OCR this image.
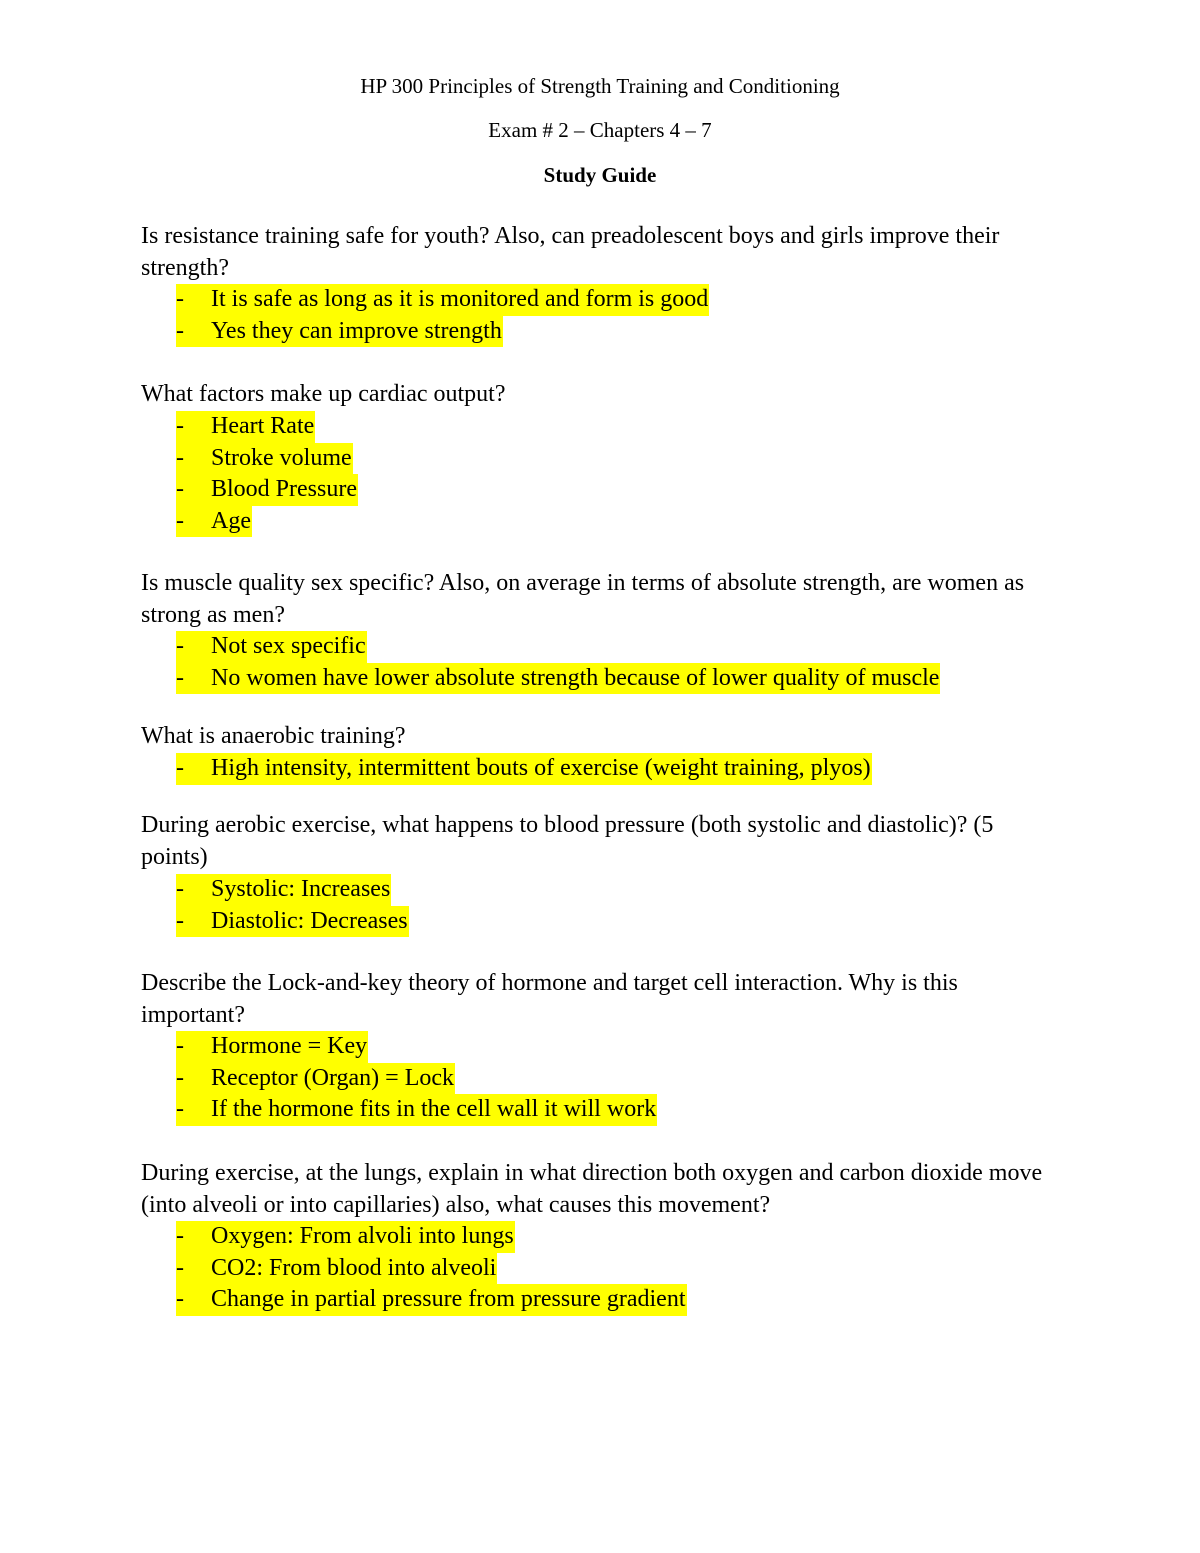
HP 300 Principles of Strength Training and Conditioning
Exam # 2 – Chapters 4 – 7
Study Guide
Is resistance training safe for youth? Also, can preadolescent boys and girls improve their strength?
- It is safe as long as it is monitored and form is good
- Yes they can improve strength
What factors make up cardiac output?
- Heart Rate
- Stroke volume
- Blood Pressure
- Age
Is muscle quality sex specific? Also, on average in terms of absolute strength, are women as strong as men?
- Not sex specific
- No women have lower absolute strength because of lower quality of muscle
What is anaerobic training?
- High intensity, intermittent bouts of exercise (weight training, plyos)
During aerobic exercise, what happens to blood pressure (both systolic and diastolic)? (5 points)
- Systolic: Increases
- Diastolic: Decreases
Describe the Lock-and-key theory of hormone and target cell interaction. Why is this important?
- Hormone = Key
- Receptor (Organ) = Lock
- If the hormone fits in the cell wall it will work
During exercise, at the lungs, explain in what direction both oxygen and carbon dioxide move (into alveoli or into capillaries) also, what causes this movement?
- Oxygen: From alvoli into lungs
- CO2: From blood into alveoli
- Change in partial pressure from pressure gradient
